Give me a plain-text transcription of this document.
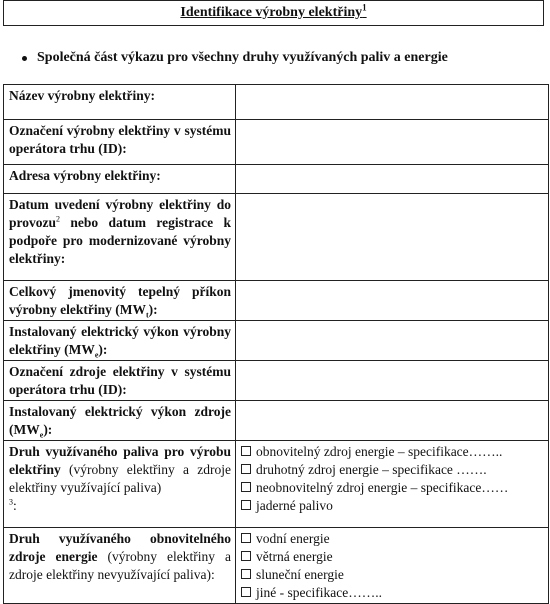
Identifikace výrobny elektřiny$^1$
Společná část výkazu pro všechny druhy využívaných paliv a energie
Název výrobny elektřiny:	
Označení výrobny elektřiny v systému operátora trhu (ID):	
Adresa výrobny elektřiny:	
Datum uvedení výrobny elektřiny do provozu$^2$ nebo datum registrace k podpoře pro modernizované výrobny elektřiny:	
Celkový jmenovitý tepelný příkon výrobny elektřiny $(MW_t)$:	
Instalovaný elektrický výkon výrobny elektřiny $(MW_e)$:	
Označení zdroje elektřiny v systému operátora trhu (ID):	
Instalovaný elektrický výkon zdroje $(MW_e)$:	
Druh využívaného paliva pro výrobu elektřiny (výrobny elektřiny a zdroje elektřiny využívající paliva)
$^3$:	obnovitelný zdroj energie – specifikace……..
druhotný zdroj energie – specifikace …….
neobnovitelný zdroj energie – specifikace……
jaderné palivo

Druh využívaného obnovitelného zdroje energie (výrobny elektřiny a zdroje elektřiny nevyužívající paliva):	vodní energie
větrná energie
sluneční energie
jiné - specifikace……..
